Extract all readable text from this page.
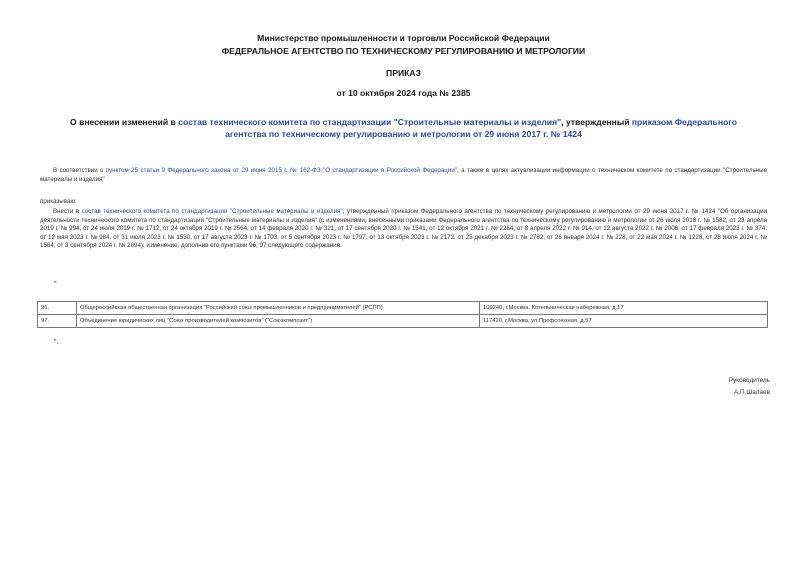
Министерство промышленности и торговли Российской Федерации
ФЕДЕРАЛЬНОЕ АГЕНТСТВО ПО ТЕХНИЧЕСКОМУ РЕГУЛИРОВАНИЮ И МЕТРОЛОГИИ
ПРИКАЗ
от 10 октября 2024 года № 2385
О внесении изменений в состав технического комитета по стандартизации "Строительные материалы и изделия", утвержденный приказом Федерального агентства по техническому регулированию и метрологии от 29 июня 2017 г. № 1424
В соответствии с пунктом 25 статьи 9 Федерального закона от 29 июня 2015 г. № 162-ФЗ "О стандартизации в Российской Федерации", а также в целях актуализации информации о техническом комитете по стандартизации "Строительные материалы и изделия"
приказываю:
Внести в состав технического комитета по стандартизации "Строительные материалы и изделия", утвержденный приказом Федерального агентства по техническому регулированию и метрологии от 29 июня 2017 г. № 1424 "Об организации деятельности технического комитета по стандартизации "Строительные материалы и изделия" (с изменениями, внесенными приказами Федерального агентства по техническому регулированию и метрологии от 26 июля 2018 г. № 1582, от 23 апреля 2019 г. № 994, от 24 июля 2019 г. № 1712, от 24 октября 2019 г. № 2564, от 14 февраля 2020 г. № 321, от 17 сентября 2020 г. № 1541, от 12 октября 2021 г. № 2264, от 8 апреля 2022 г. № 914, от 12 августа 2022 г. № 2006, от 17 февраля 2023 г. № 374, от 12 мая 2023 г. № 984, от 31 июля 2023 г. № 1530, от 17 августа 2023 г. № 1703, от 5 сентября 2023 г. № 1797, от 13 октября 2023 г. № 2172, от 25 декабря 2023 г. № 2782, от 26 января 2024 г. № 228, от 22 мая 2024 г. № 1228, от 28 июля 2024 г. № 1564, от 3 сентября 2024 г. № 2094), изменение, дополнив его пунктами 96, 97 следующего содержания:
"
96.	Общероссийская общественная организация "Российский союз промышленников и предпринимателей" (РСПП)	109240, г.Москва, Котельническая набережная, д.17
97.	Объединение юридических лиц "Союз производителей композитов" ("Союзкомпозит")	117420, г.Москва, ул.Профсоюзная, д.57
".
Руководитель
А.П.Шалаев
